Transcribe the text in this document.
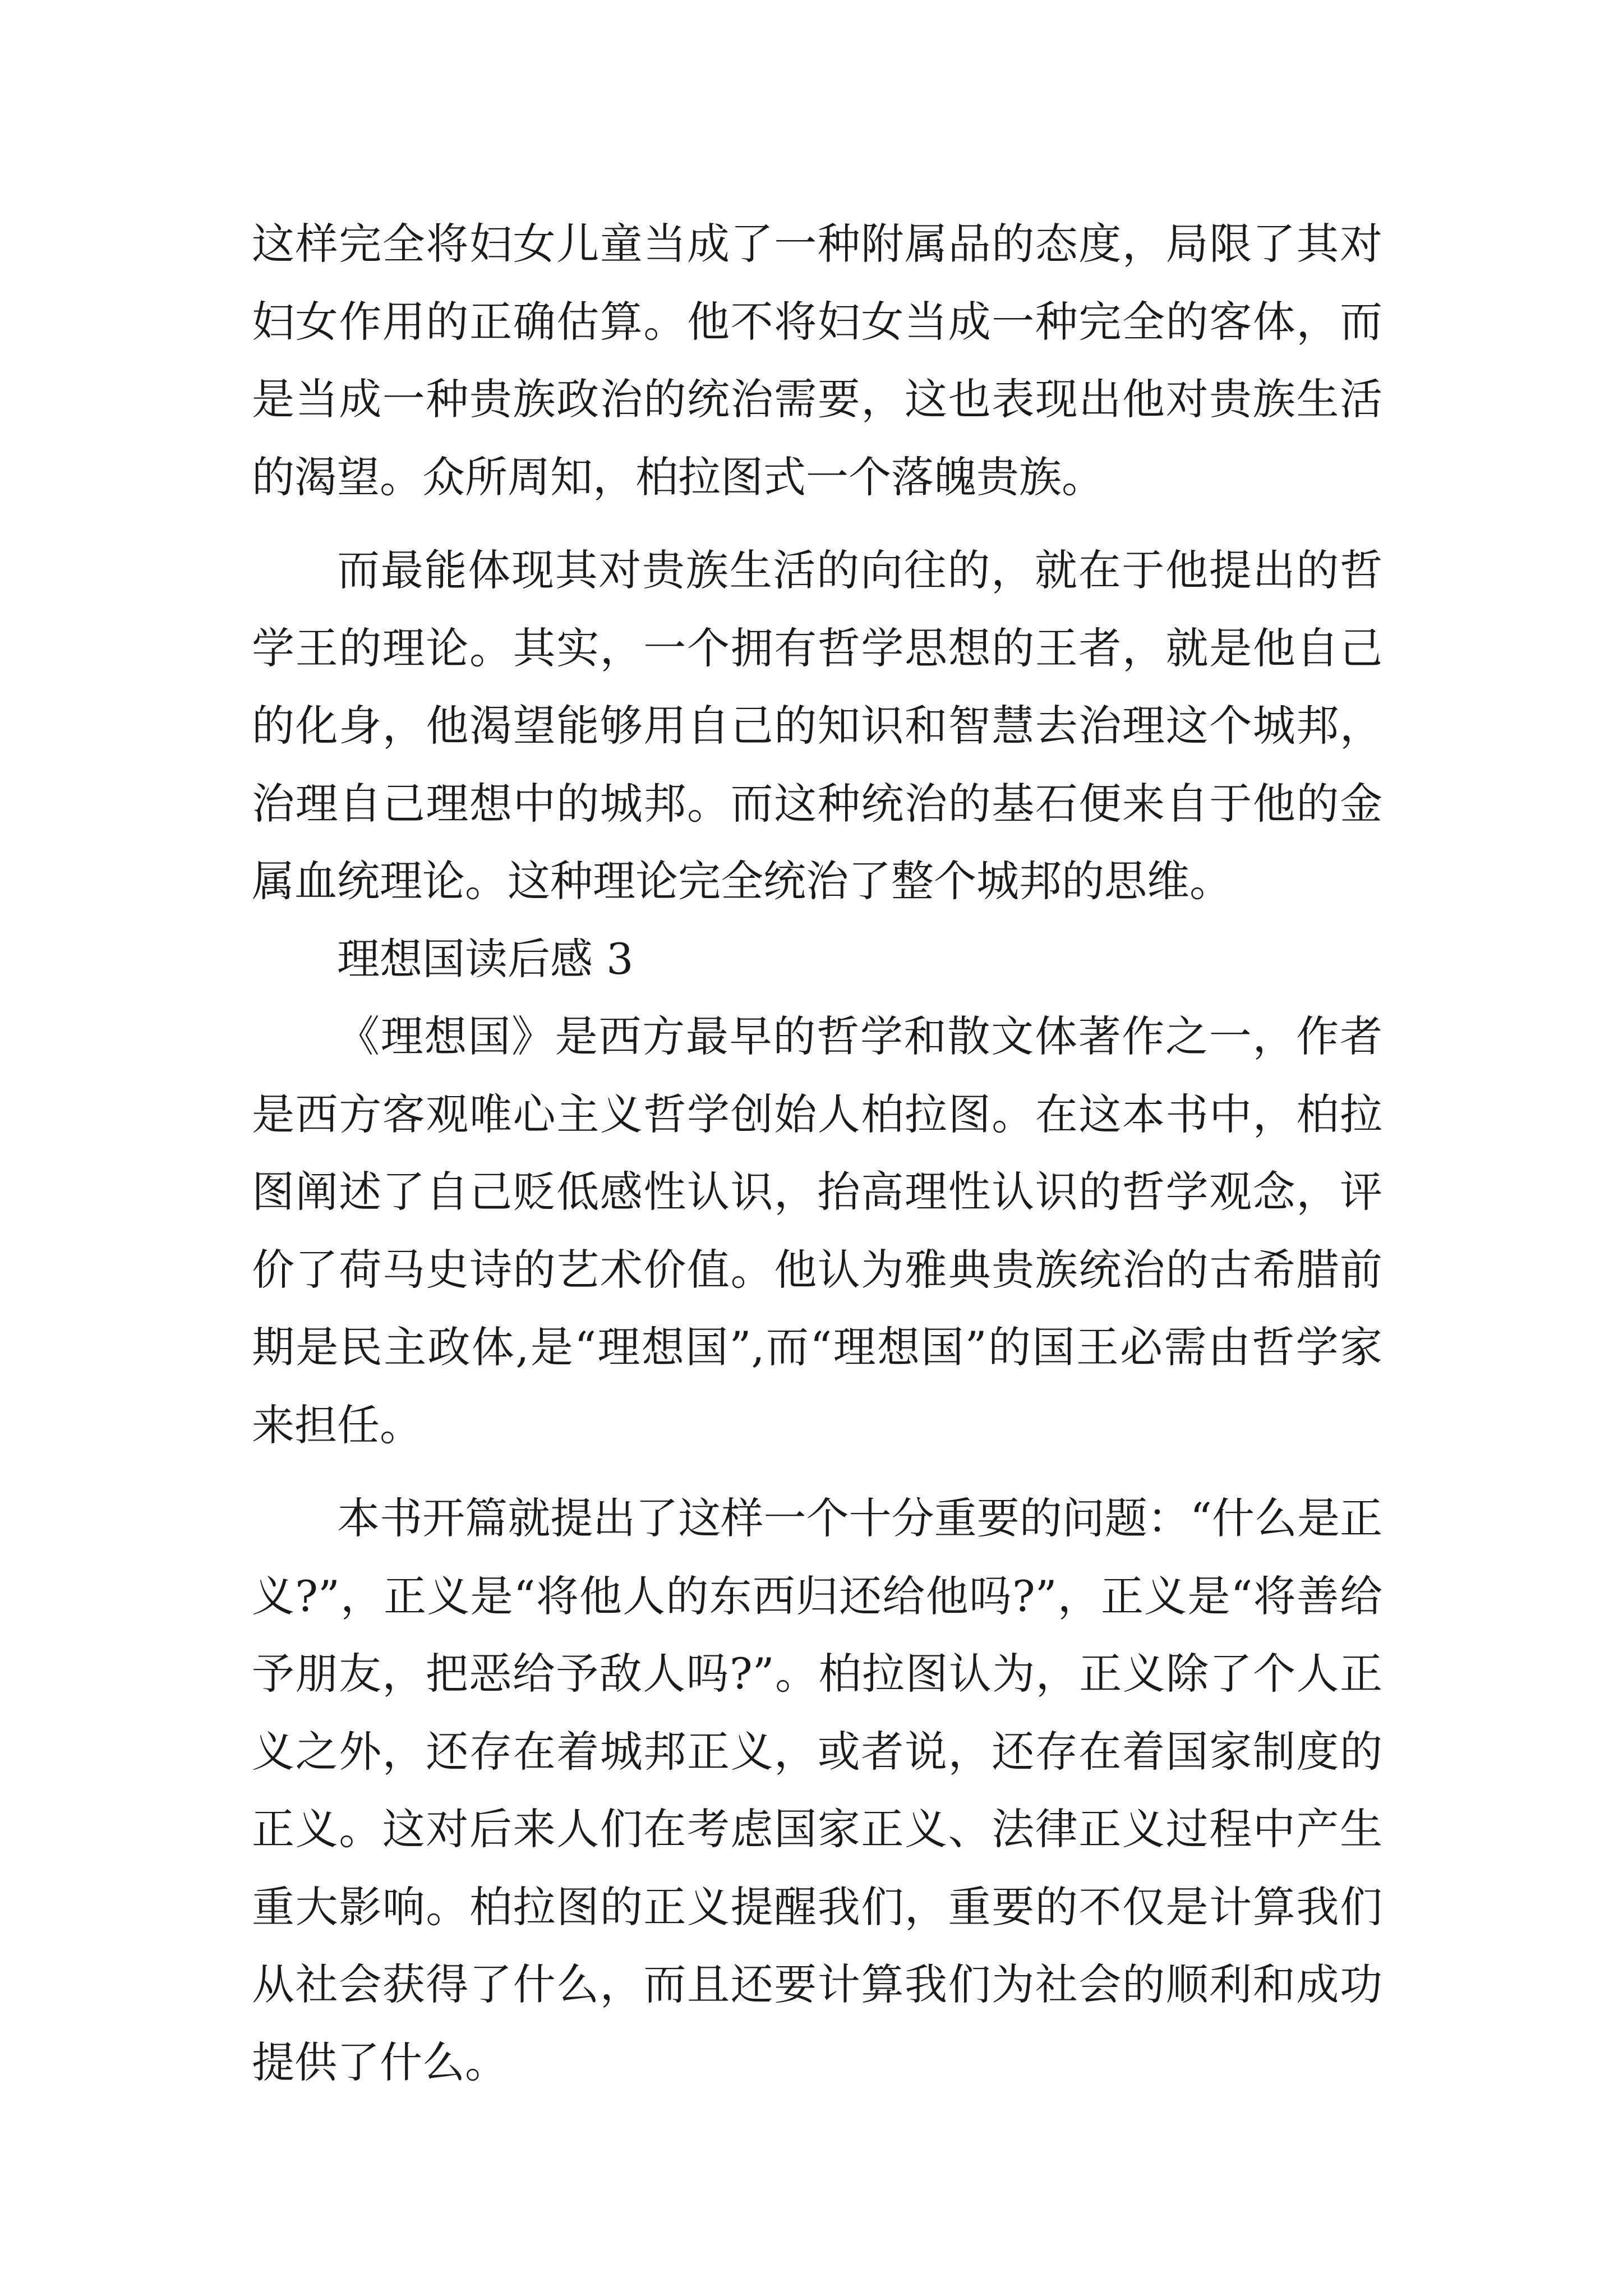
这样完全将妇女儿童当成了一种附属品的态度，局限了其对妇女作用的正确估算。他不将妇女当成一种完全的客体，而是当成一种贵族政治的统治需要，这也表现出他对贵族生活的渴望。众所周知，柏拉图式一个落魄贵族。

而最能体现其对贵族生活的向往的，就在于他提出的哲学王的理论。其实，一个拥有哲学思想的王者，就是他自己的化身，他渴望能够用自己的知识和智慧去治理这个城邦，治理自己理想中的城邦。而这种统治的基石便来自于他的金属血统理论。这种理论完全统治了整个城邦的思维。

理想国读后感 3

《理想国》是西方最早的哲学和散文体著作之一，作者是西方客观唯心主义哲学创始人柏拉图。在这本书中，柏拉图阐述了自己贬低感性认识，抬高理性认识的哲学观念，评价了荷马史诗的艺术价值。他认为雅典贵族统治的古希腊前期是民主政体,是“理想国”,而“理想国”的国王必需由哲学家来担任。

本书开篇就提出了这样一个十分重要的问题：“什么是正义?”，正义是“将他人的东西归还给他吗?”，正义是“将善给予朋友，把恶给予敌人吗?”。柏拉图认为，正义除了个人正义之外，还存在着城邦正义，或者说，还存在着国家制度的正义。这对后来人们在考虑国家正义、法律正义过程中产生重大影响。柏拉图的正义提醒我们，重要的不仅是计算我们从社会获得了什么，而且还要计算我们为社会的顺利和成功提供了什么。
